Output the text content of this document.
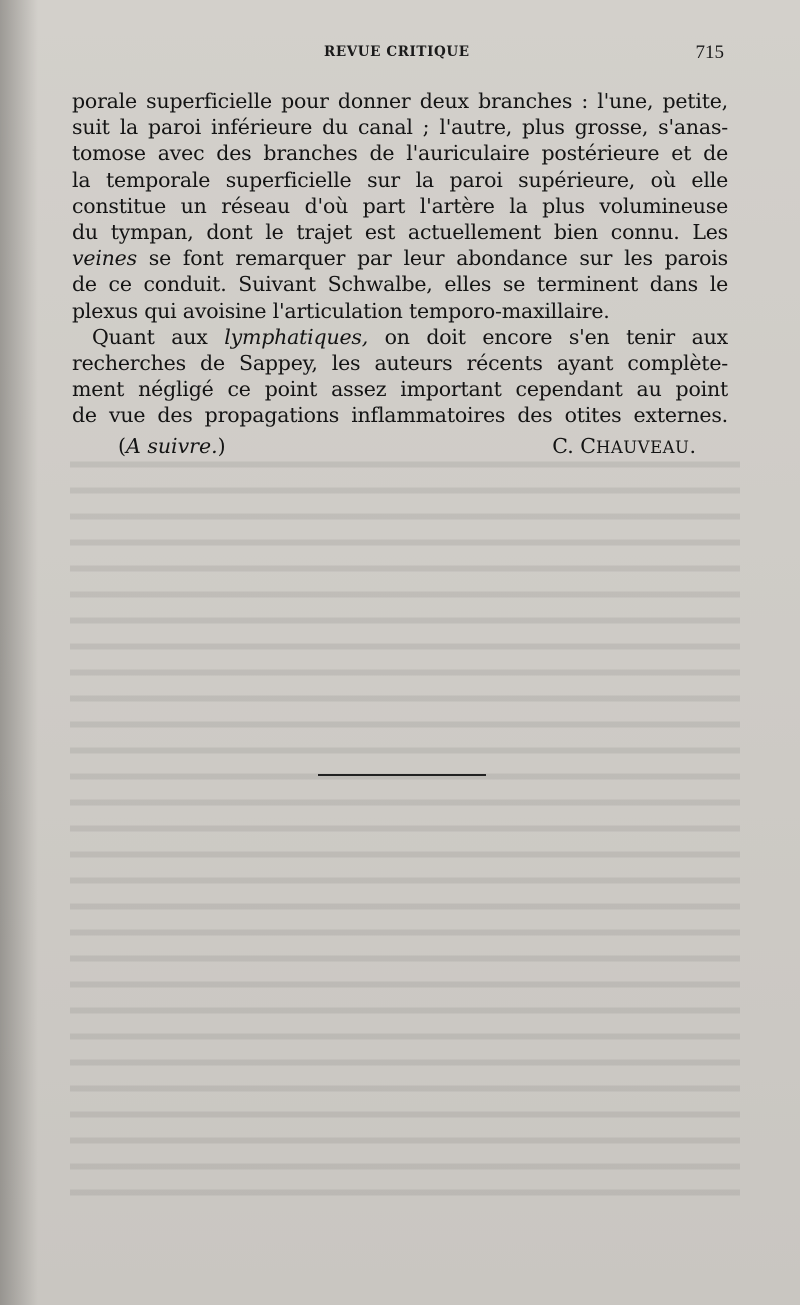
REVUE CRITIQUE	715
porale superficielle pour donner deux branches : l'une, petite,
suit la paroi inférieure du canal ; l'autre, plus grosse, s'anas-
tomose avec des branches de l'auriculaire postérieure et de
la temporale superficielle sur la paroi supérieure, où elle
constitue un réseau d'où part l'artère la plus volumineuse
du tympan, dont le trajet est actuellement bien connu. Les
veines se font remarquer par leur abondance sur les parois
de ce conduit. Suivant Schwalbe, elles se terminent dans le
plexus qui avoisine l'articulation temporo-maxillaire.
Quant aux lymphatiques, on doit encore s'en tenir aux
recherches de Sappey, les auteurs récents ayant complète-
ment négligé ce point assez important cependant au point
de vue des propagations inflammatoires des otites externes.
(A suivre.)	C. CHAUVEAU.
